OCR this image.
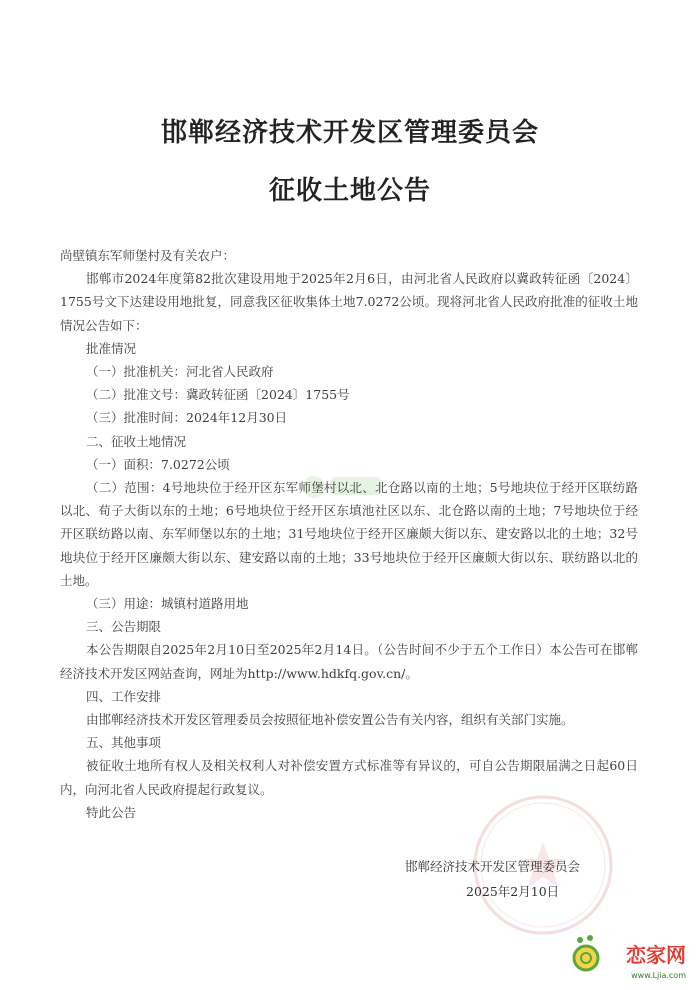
邯郸经济技术开发区管理委员会
征收土地公告

尚壁镇东军师堡村及有关农户：

邯郸市2024年度第82批次建设用地于2025年2月6日，由河北省人民政府以冀政转征函〔2024〕1755号文下达建设用地批复，同意我区征收集体土地7.0272公顷。现将河北省人民政府批准的征收土地情况公告如下：

批准情况

（一）批准机关：河北省人民政府

（二）批准文号：冀政转征函〔2024〕1755号

（三）批准时间：2024年12月30日

二、征收土地情况

（一）面积：7.0272公顷

（二）范围：4号地块位于经开区东军师堡村以北、北仓路以南的土地；5号地块位于经开区联纺路以北、荀子大街以东的土地；6号地块位于经开区东填池社区以东、北仓路以南的土地；7号地块位于经开区联纺路以南、东军师堡以东的土地；31号地块位于经开区廉颇大街以东、建安路以北的土地；32号地块位于经开区廉颇大街以东、建安路以南的土地；33号地块位于经开区廉颇大街以东、联纺路以北的土地。

（三）用途：城镇村道路用地

三、公告期限

本公告期限自2025年2月10日至2025年2月14日。（公告时间不少于五个工作日）本公告可在邯郸经济技术开发区网站查询，网址为http://www.hdkfq.gov.cn/。

四、工作安排

由邯郸经济技术开发区管理委员会按照征地补偿安置公告有关内容，组织有关部门实施。

五、其他事项

被征收土地所有权人及相关权利人对补偿安置方式标准等有异议的，可自公告期限届满之日起60日内，向河北省人民政府提起行政复议。

特此公告

邯郸经济技术开发区管理委员会
2025年2月10日
恋家网
www.Ljia.com
